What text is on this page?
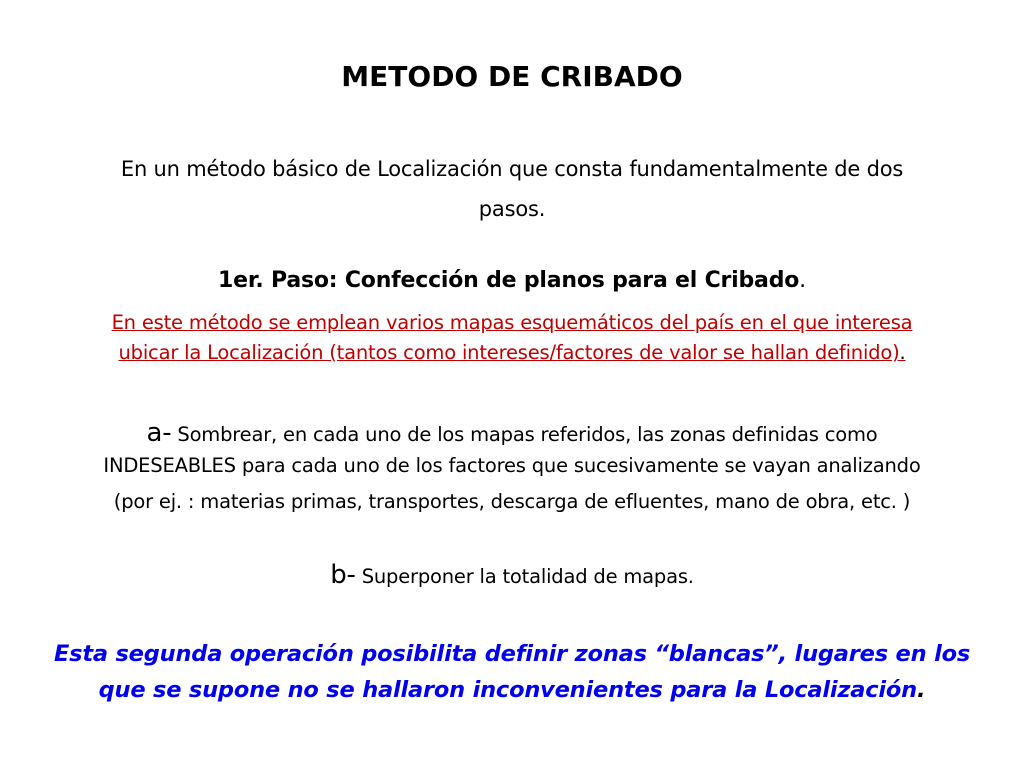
METODO DE CRIBADO
En un método básico de Localización que consta fundamentalmente de dos
pasos.
1er. Paso: Confección de planos para el Cribado.
En este método se emplean varios mapas esquemáticos del país en el que interesa
ubicar la Localización (tantos como intereses/factores de valor se hallan definido).
a- Sombrear, en cada uno de los mapas referidos, las zonas definidas como
INDESEABLES para cada uno de los factores que sucesivamente se vayan analizando
(por ej. : materias primas, transportes, descarga de efluentes, mano de obra, etc. )
b- Superponer la totalidad de mapas.
Esta segunda operación posibilita definir zonas “blancas”, lugares en los
que se supone no se hallaron inconvenientes para la Localización.
